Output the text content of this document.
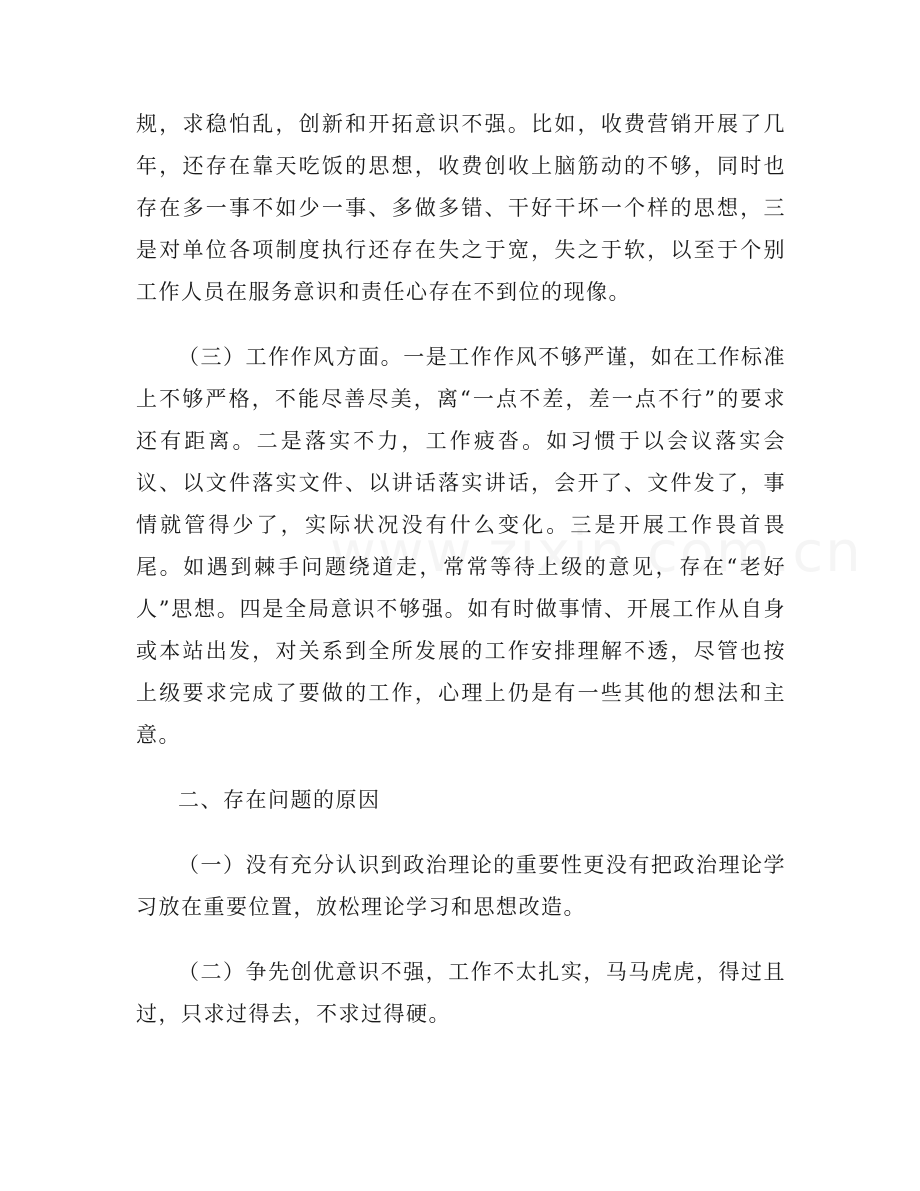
规，求稳怕乱，创新和开拓意识不强。比如，收费营销开展了几年，还存在靠天吃饭的思想，收费创收上脑筋动的不够，同时也存在多一事不如少一事、多做多错、干好干坏一个样的思想，三是对单位各项制度执行还存在失之于宽，失之于软，以至于个别工作人员在服务意识和责任心存在不到位的现像。

（三）工作作风方面。一是工作作风不够严谨，如在工作标准上不够严格，不能尽善尽美，离“一点不差，差一点不行”的要求还有距离。二是落实不力，工作疲沓。如习惯于以会议落实会议、以文件落实文件、以讲话落实讲话，会开了、文件发了，事情就管得少了，实际状况没有什么变化。三是开展工作畏首畏尾。如遇到棘手问题绕道走，常常等待上级的意见，存在“老好人”思想。四是全局意识不够强。如有时做事情、开展工作从自身或本站出发，对关系到全所发展的工作安排理解不透，尽管也按上级要求完成了要做的工作，心理上仍是有一些其他的想法和主意。

二、存在问题的原因

（一）没有充分认识到政治理论的重要性更没有把政治理论学习放在重要位置，放松理论学习和思想改造。

（二）争先创优意识不强，工作不太扎实，马马虎虎，得过且过，只求过得去，不求过得硬。
